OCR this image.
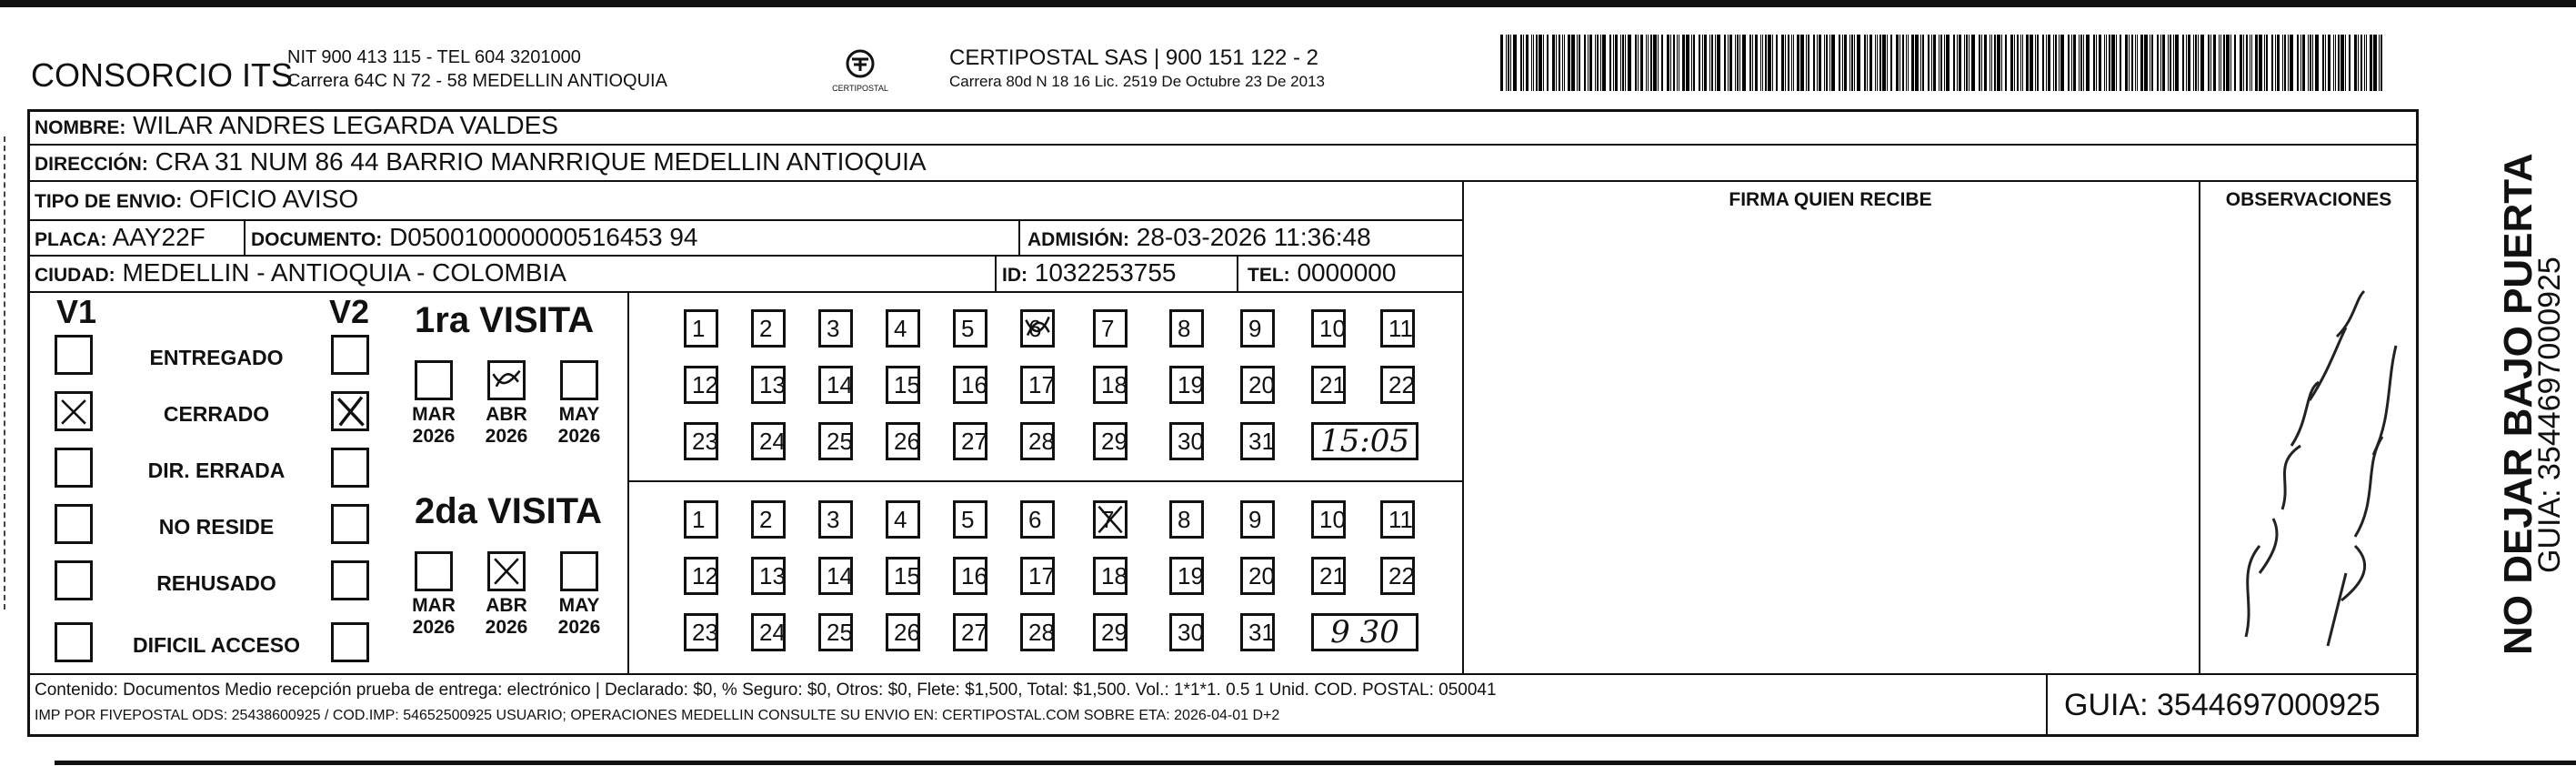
CONSORCIO ITS
NIT 900 413 115 - TEL 604 3201000
Carrera 64C N 72 - 58 MEDELLIN ANTIOQUIA	CERTIPOSTAL
CERTIPOSTAL SAS | 900 151 122 - 2
Carrera 80d N 18 16 Lic. 2519 De Octubre 23 De 2013
NOMBRE: WILAR ANDRES LEGARDA VALDES
DIRECCIÓN: CRA 31 NUM 86 44 BARRIO MANRRIQUE MEDELLIN ANTIOQUIA
TIPO DE ENVIO: OFICIO AVISO	FIRMA QUIEN RECIBE	OBSERVACIONES
PLACA: AAY22F DOCUMENTO: D050010000000516453 94	ADMISIÓN: 28-03-2026 11:36:48
CIUDAD: MEDELLIN - ANTIOQUIA - COLOMBIA	ID: 1032253755	TEL: 0000000
V1	V2
ENTREGADO
CERRADO
DIR. ERRADA
NO RESIDE
REHUSADO
DIFICIL ACCESO
1ra VISITA
MAR
2026
ABR
2026
MAY
2026
1	2	3	4	5	6	7	8	9	10	11
12	13	14	15	16	17	18	19	20	21	22
23	24	25	26	27	28	29	30	31 15:05
2da VISITA
MAR
2026
ABR
2026
MAY
2026
1	2	3	4	5	6	7	8	9	10	11
12	13	14	15	16	17	18	19	20	21	22
23	24	25	26	27	28	29	30	31	9 30
Contenido: Documentos Medio recepción prueba de entrega: electrónico | Declarado: $0, % Seguro: $0, Otros: $0, Flete: $1,500, Total: $1,500. Vol.: 1*1*1. 0.5 1 Unid. COD. POSTAL: 050041
IMP POR FIVEPOSTAL ODS: 25438600925 / COD.IMP: 54652500925 USUARIO; OPERACIONES MEDELLIN CONSULTE SU ENVIO EN: CERTIPOSTAL.COM SOBRE ETA: 2026-04-01 D+2	GUIA: 3544697000925
NO DEJAR BAJO PUERTA
GUIA: 3544697000925
